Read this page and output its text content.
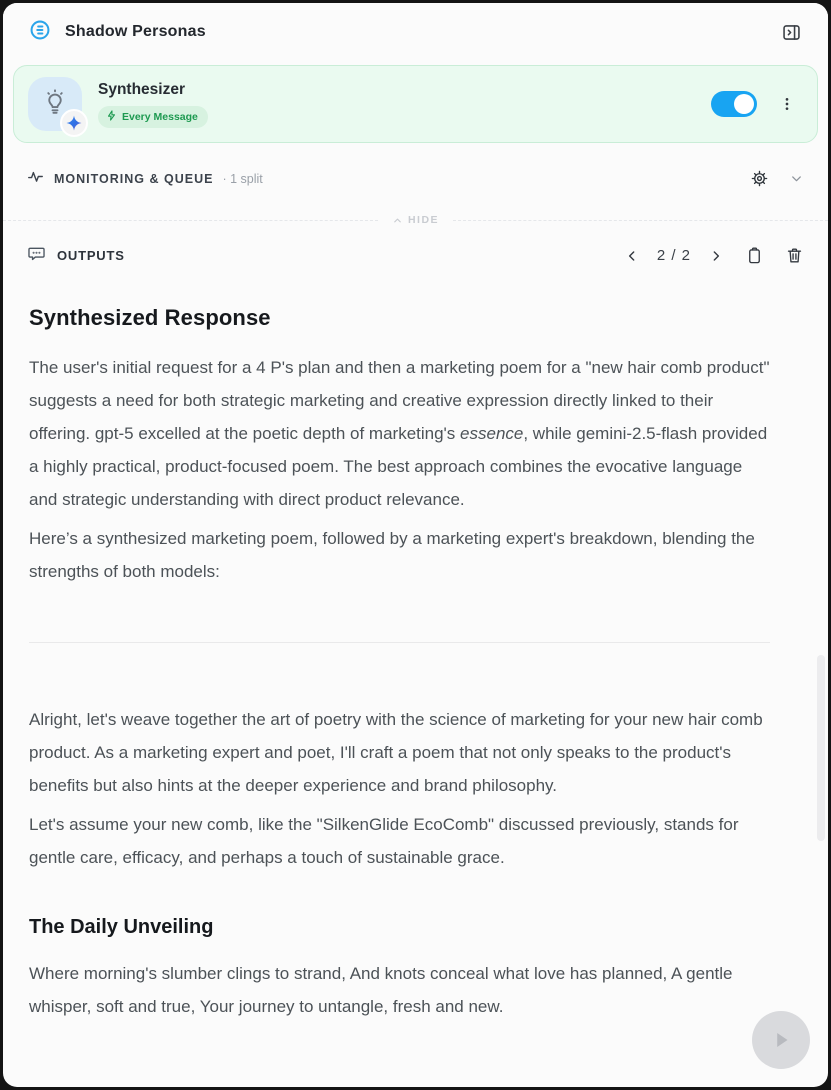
Shadow Personas
Synthesizer
Every Message
MONITORING & QUEUE · 1 split
HIDE
OUTPUTS	2 / 2
Synthesized Response

The user's initial request for a 4 P's plan and then a marketing poem for a "new hair comb product" suggests a need for both strategic marketing and creative expression directly linked to their offering. gpt-5 excelled at the poetic depth of marketing's essence, while gemini-2.5-flash provided a highly practical, product-focused poem. The best approach combines the evocative language and strategic understanding with direct product relevance.

Here’s a synthesized marketing poem, followed by a marketing expert's breakdown, blending the strengths of both models:

Alright, let's weave together the art of poetry with the science of marketing for your new hair comb product. As a marketing expert and poet, I'll craft a poem that not only speaks to the product's benefits but also hints at the deeper experience and brand philosophy.

Let's assume your new comb, like the "SilkenGlide EcoComb" discussed previously, stands for gentle care, efficacy, and perhaps a touch of sustainable grace.

The Daily Unveiling

Where morning's slumber clings to strand, And knots conceal what love has planned, A gentle whisper, soft and true, Your journey to untangle, fresh and new.
